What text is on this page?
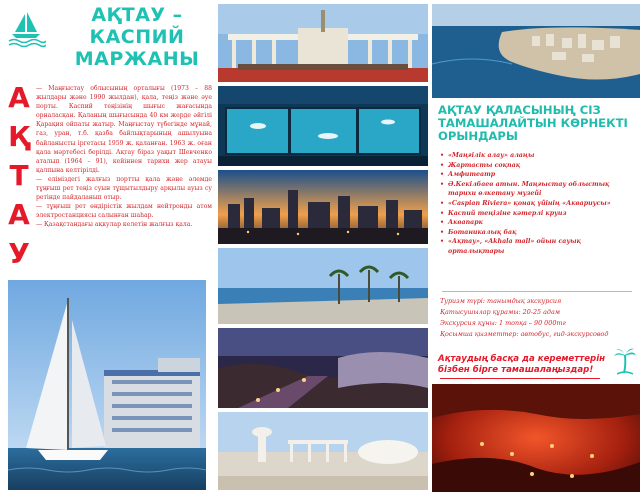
АҚТАУ –
КАСПИЙ
МАРЖАНЫ
А
Қ
Т
А
У

— Маңғыстау облысының орталығы (1973 – 88 жылдары және 1990 жылдан), қала, теңіз және әуе порты. Каспий теңізінің шығыс жағасында орналасқан. Қаланың шығысында 40 км жерде әйгілі Қарақия ойпаты жатыр. Маңғыстау түбегінде мұнай, газ, уран, т.б. қазба байлықтарының ашылуына байланысты іргетасы 1959 ж. қаланған. 1963 ж. оған қала мәртебесі берілді. Ақтау біраз уақыт Шевченко аталып (1964 – 91), кейіннен тарихи жер атауы қалпына келтірілді.

— еліміздегі жалғыз портты қала және әлемде тұңғыш рет теңіз суын тұщытылдыру арқылы ауыз су ретінде пайдаланып отыр.

— тұңғыш рет өндірістік жылдам нейтронды атом электростанциясы салынған шаһар.

— Қазақстандағы ақкулар келетін жалғыз қала.

АҚТАУ ҚАЛАСЫНЫҢ СІЗ ТАМАШАЛАЙТЫН КӨРНЕКТІ ОРЫНДАРЫ
• «Маңғілік алау» алаңы
• Жартасты соқпақ
• Амфитеатр
• Ә.Кекілбаев атын. Маңғыстау облыстық тарихи өлкетану музейі
• «Caspian Riviera» қонақ үйінің «Аквариусы»
• Каспий теңізіне кәтерлі круиз
• Аквапарк
• Ботаникалық бақ
• «Ақтау», «Akhala mall» ойын сауық орталықтары

Туризм түрі: танымдық экскурсия

Қатысушылар құрамы: 20-25 адам

Экскурсия құны: 1 топқа – 90 000тг

Қосымша қызметтер: автобус, гид-экскурсовод

Ақтаудың басқа да кереметтерін бізбен бірге тамашалаңыздар!
